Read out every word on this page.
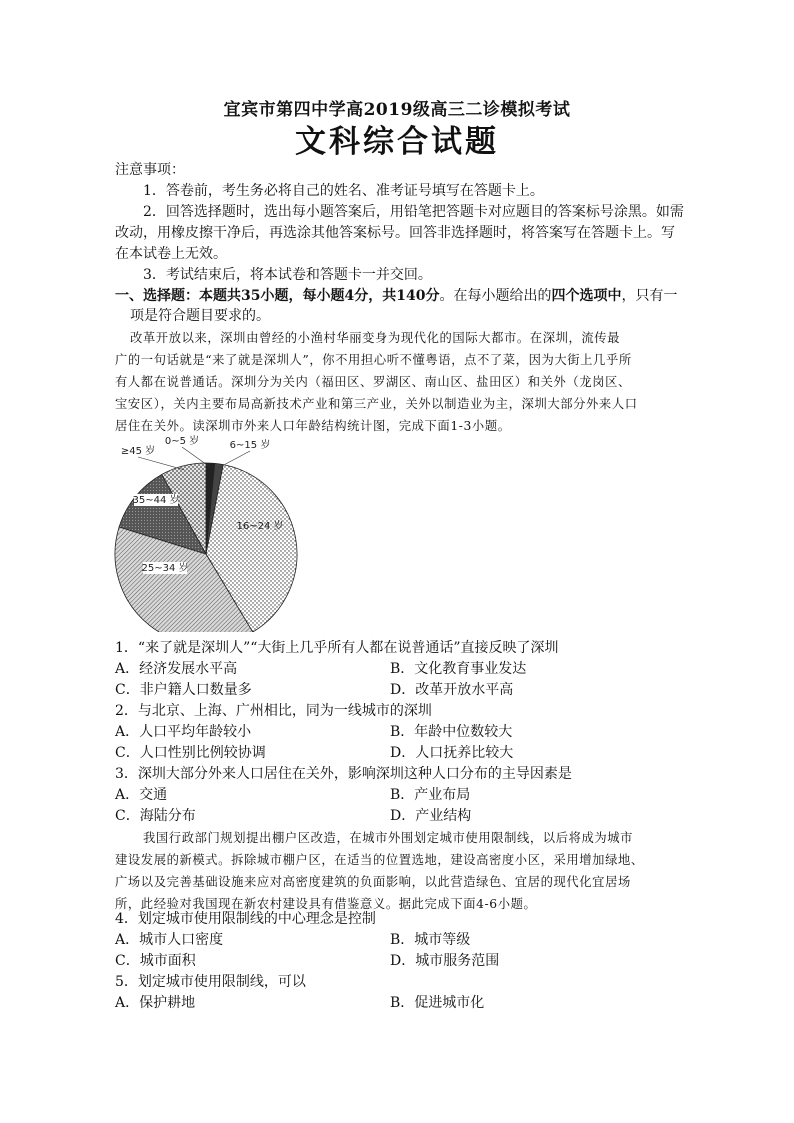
宜宾市第四中学高2019级高三二诊模拟考试
文科综合试题
注意事项：
1．答卷前，考生务必将自己的姓名、准考证号填写在答题卡上。
2．回答选择题时，选出每小题答案后，用铅笔把答题卡对应题目的答案标号涂黑。如需
改动，用橡皮擦干净后，再选涂其他答案标号。回答非选择题时，将答案写在答题卡上。写
在本试卷上无效。
3．考试结束后，将本试卷和答题卡一并交回。
一、选择题：本题共35小题，每小题4分，共140分。在每小题给出的四个选项中，只有一
项是符合题目要求的。
改革开放以来，深圳由曾经的小渔村华丽变身为现代化的国际大都市。在深圳，流传最
广的一句话就是“来了就是深圳人”，你不用担心听不懂粤语，点不了菜，因为大街上几乎所
有人都在说普通话。深圳分为关内（福田区、罗湖区、南山区、盐田区）和关外（龙岗区、
宝安区），关内主要布局高新技术产业和第三产业，关外以制造业为主，深圳大部分外来人口
居住在关外。读深圳市外来人口年龄结构统计图，完成下面1-3小题。
0~5 岁	6~15 岁
16~24 岁
25~34 岁
35~44 岁
≥45 岁
1．“来了就是深圳人”“大街上几乎所有人都在说普通话”直接反映了深圳
A．经济发展水平高	B．文化教育事业发达
C．非户籍人口数量多	D．改革开放水平高
2．与北京、上海、广州相比，同为一线城市的深圳
A．人口平均年龄较小	B．年龄中位数较大
C．人口性别比例较协调	D．人口抚养比较大
3．深圳大部分外来人口居住在关外，影响深圳这种人口分布的主导因素是
A．交通	B．产业布局
C．海陆分布	D．产业结构
我国行政部门规划提出棚户区改造，在城市外围划定城市使用限制线，以后将成为城市
建设发展的新模式。拆除城市棚户区，在适当的位置选地，建设高密度小区，采用增加绿地、
广场以及完善基础设施来应对高密度建筑的负面影响，以此营造绿色、宜居的现代化宜居场
所，此经验对我国现在新农村建设具有借鉴意义。据此完成下面4-6小题。
4．划定城市使用限制线的中心理念是控制
A．城市人口密度	B．城市等级
C．城市面积	D．城市服务范围
5．划定城市使用限制线，可以
A．保护耕地	B．促进城市化
